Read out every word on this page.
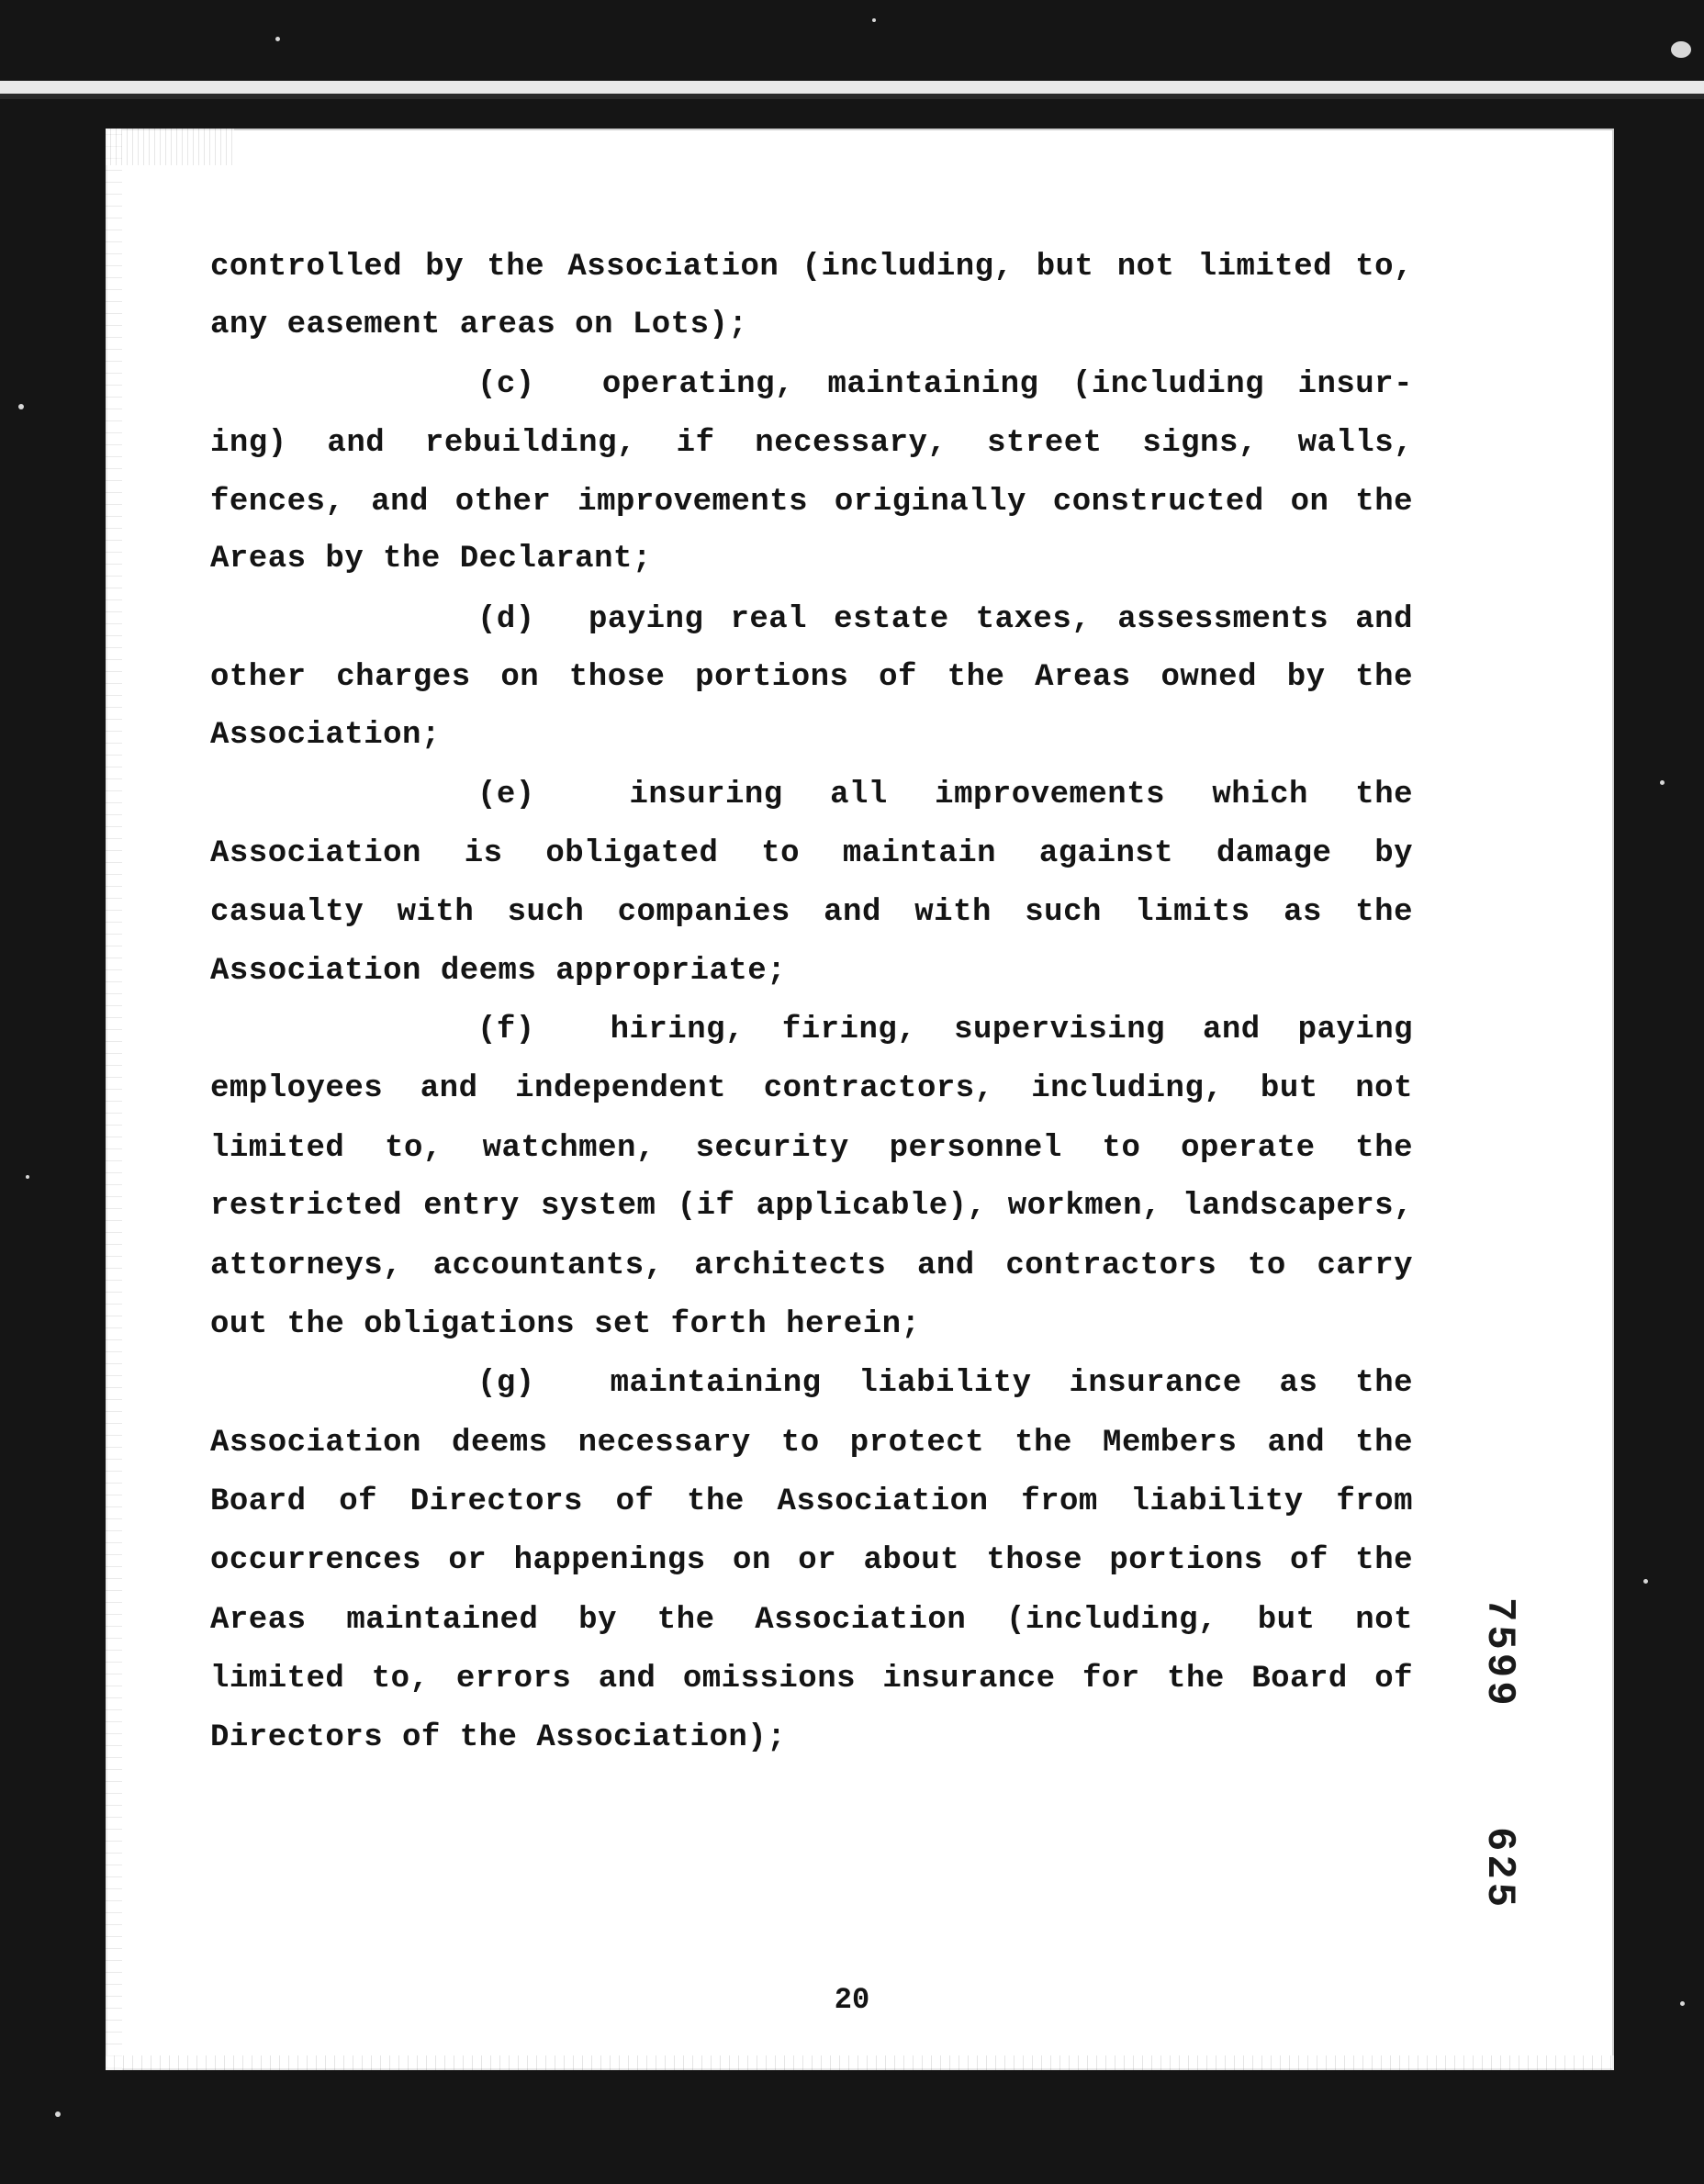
controlled by the Association (including, but not limited to,
any easement areas on Lots);
(c) operating, maintaining (including insur-
ing) and rebuilding, if necessary, street signs, walls,
fences, and other improvements originally constructed on the
Areas by the Declarant;
(d) paying real estate taxes, assessments and
other charges on those portions of the Areas owned by the
Association;
(e)	insuring all improvements which the
Association is obligated to maintain against damage by
casualty with such companies and with such limits as the
Association deems appropriate;
(f) hiring, firing, supervising and paying
employees and independent contractors, including, but not
limited to, watchmen, security personnel to operate the
restricted entry system (if applicable), workmen, landscapers,
attorneys, accountants, architects and contractors to carry
out the obligations set forth herein;
(g) maintaining liability insurance as the
Association deems necessary to protect the Members and the
Board of Directors of the Association from liability from
occurrences or happenings on or about those portions of the
Areas maintained by the Association (including, but not
limited to, errors and omissions insurance for the Board of
Directors of the Association);
7599
625
20
